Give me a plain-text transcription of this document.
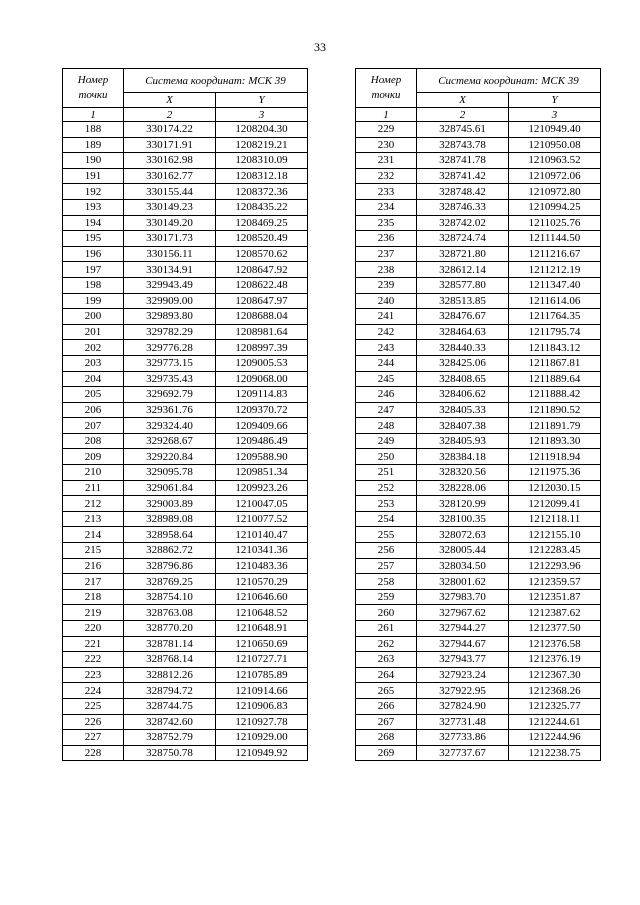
33
Номер точки	Система координат: МСК 39	
	X	Y
1	2	3
188	330174.22	1208204.30
189	330171.91	1208219.21
190	330162.98	1208310.09
191	330162.77	1208312.18
192	330155.44	1208372.36
193	330149.23	1208435.22
194	330149.20	1208469.25
195	330171.73	1208520.49
196	330156.11	1208570.62
197	330134.91	1208647.92
198	329943.49	1208622.48
199	329909.00	1208647.97
200	329893.80	1208688.04
201	329782.29	1208981.64
202	329776.28	1208997.39
203	329773.15	1209005.53
204	329735.43	1209068.00
205	329692.79	1209114.83
206	329361.76	1209370.72
207	329324.40	1209409.66
208	329268.67	1209486.49
209	329220.84	1209588.90
210	329095.78	1209851.34
211	329061.84	1209923.26
212	329003.89	1210047.05
213	328989.08	1210077.52
214	328958.64	1210140.47
215	328862.72	1210341.36
216	328796.86	1210483.36
217	328769.25	1210570.29
218	328754.10	1210646.60
219	328763.08	1210648.52
220	328770.20	1210648.91
221	328781.14	1210650.69
222	328768.14	1210727.71
223	328812.26	1210785.89
224	328794.72	1210914.66
225	328744.75	1210906.83
226	328742.60	1210927.78
227	328752.79	1210929.00
228	328750.78	1210949.92
Номер точки	Система координат: МСК 39	
	X	Y
1	2	3
229	328745.61	1210949.40
230	328743.78	1210950.08
231	328741.78	1210963.52
232	328741.42	1210972.06
233	328748.42	1210972.80
234	328746.33	1210994.25
235	328742.02	1211025.76
236	328724.74	1211144.50
237	328721.80	1211216.67
238	328612.14	1211212.19
239	328577.80	1211347.40
240	328513.85	1211614.06
241	328476.67	1211764.35
242	328464.63	1211795.74
243	328440.33	1211843.12
244	328425.06	1211867.81
245	328408.65	1211889.64
246	328406.62	1211888.42
247	328405.33	1211890.52
248	328407.38	1211891.79
249	328405.93	1211893.30
250	328384.18	1211918.94
251	328320.56	1211975.36
252	328228.06	1212030.15
253	328120.99	1212099.41
254	328100.35	1212118.11
255	328072.63	1212155.10
256	328005.44	1212283.45
257	328034.50	1212293.96
258	328001.62	1212359.57
259	327983.70	1212351.87
260	327967.62	1212387.62
261	327944.27	1212377.50
262	327944.67	1212376.58
263	327943.77	1212376.19
264	327923.24	1212367.30
265	327922.95	1212368.26
266	327824.90	1212325.77
267	327731.48	1212244.61
268	327733.86	1212244.96
269	327737.67	1212238.75
